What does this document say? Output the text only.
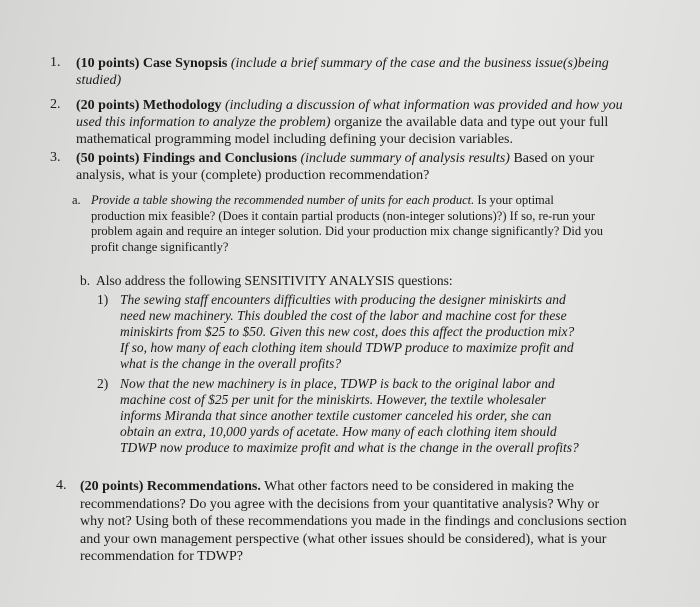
1. (10 points) Case Synopsis (include a brief summary of the case and the business issue(s)being
studied)
2. (20 points) Methodology (including a discussion of what information was provided and how you
used this information to analyze the problem) organize the available data and type out your full
mathematical programming model including defining your decision variables.
3. (50 points) Findings and Conclusions (include summary of analysis results) Based on your
analysis, what is your (complete) production recommendation?
a. Provide a table showing the recommended number of units for each product. Is your optimal
production mix feasible? (Does it contain partial products (non-integer solutions)?) If so, re-run your
problem again and require an integer solution. Did your production mix change significantly? Did you
profit change significantly?
b. Also address the following SENSITIVITY ANALYSIS questions:
1) The sewing staff encounters difficulties with producing the designer miniskirts and
need new machinery. This doubled the cost of the labor and machine cost for these
miniskirts from $25 to $50. Given this new cost, does this affect the production mix?
If so, how many of each clothing item should TDWP produce to maximize profit and
what is the change in the overall profits?
2) Now that the new machinery is in place, TDWP is back to the original labor and
machine cost of $25 per unit for the miniskirts. However, the textile wholesaler
informs Miranda that since another textile customer canceled his order, she can
obtain an extra, 10,000 yards of acetate. How many of each clothing item should
TDWP now produce to maximize profit and what is the change in the overall profits?
4. (20 points) Recommendations. What other factors need to be considered in making the
recommendations? Do you agree with the decisions from your quantitative analysis? Why or
why not? Using both of these recommendations you made in the findings and conclusions section
and your own management perspective (what other issues should be considered), what is your
recommendation for TDWP?
